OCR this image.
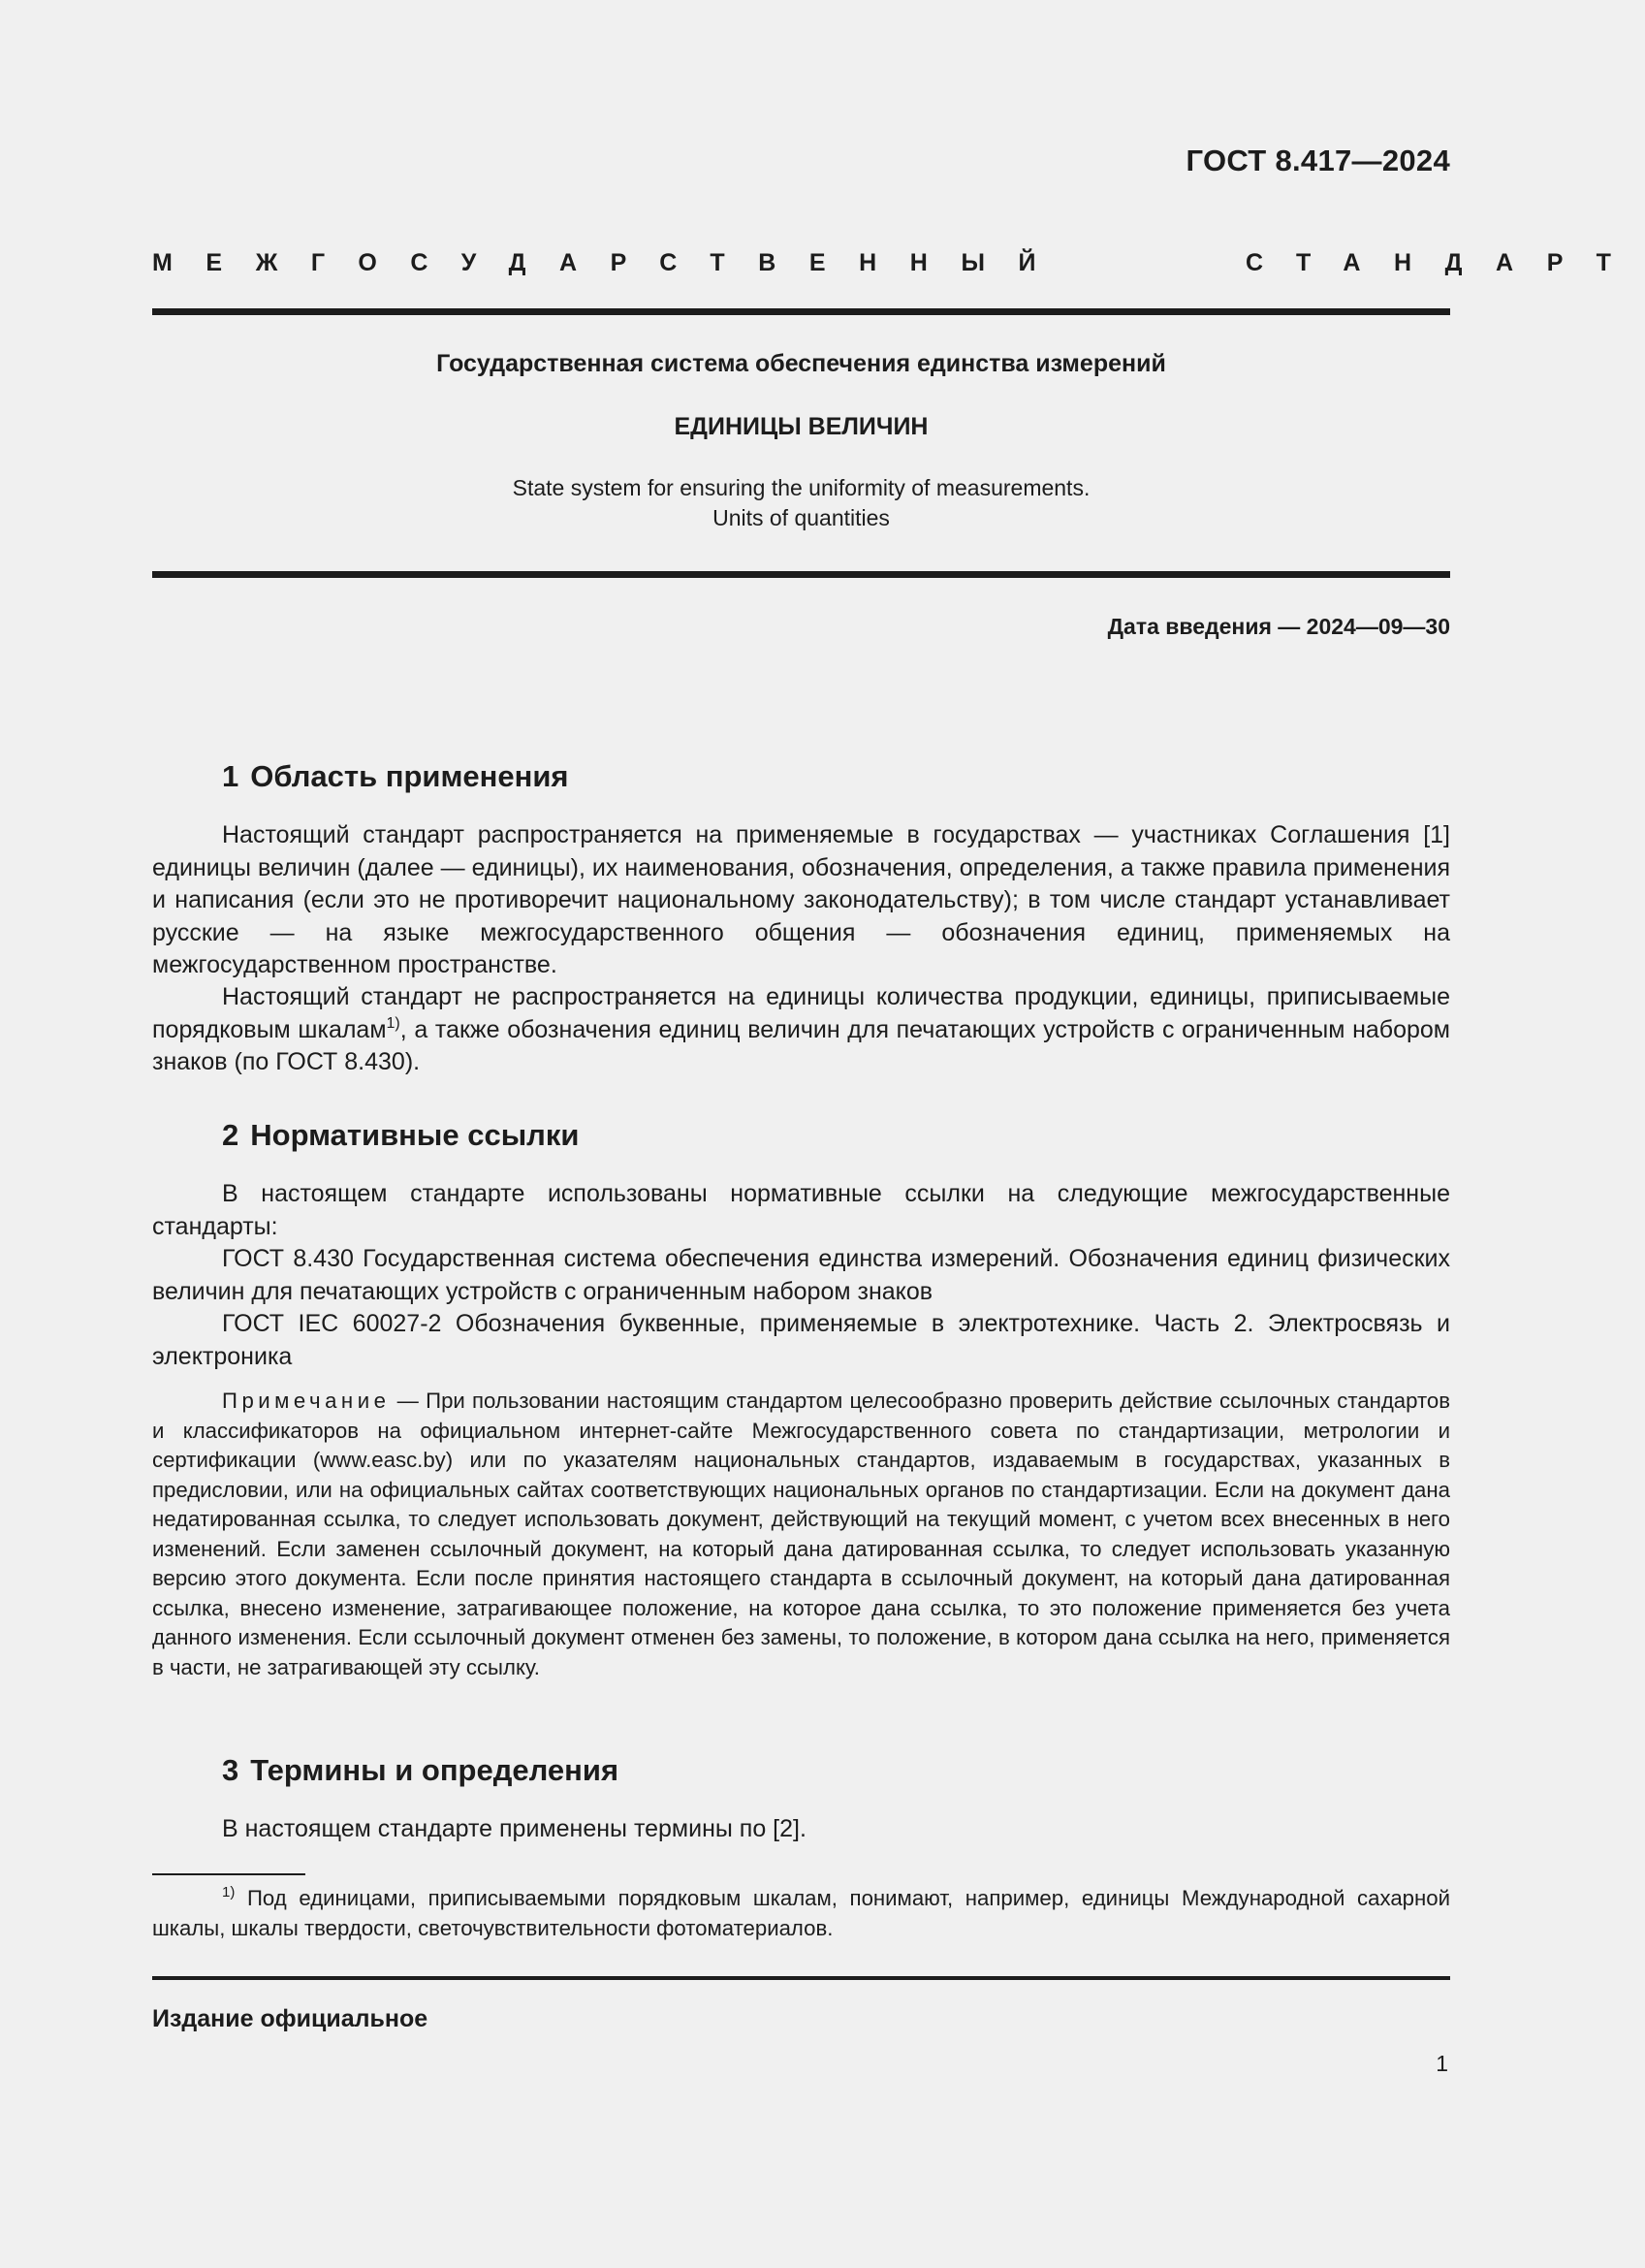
ГОСТ 8.417—2024
МЕЖГОСУДАРСТВЕННЫЙ	СТАНДАРТ
Государственная система обеспечения единства измерений
ЕДИНИЦЫ ВЕЛИЧИН
State system for ensuring the uniformity of measurements.
Units of quantities
Дата введения — 2024—09—30
1 Область применения
Настоящий стандарт распространяется на применяемые в государствах — участниках Соглашения [1] единицы величин (далее — единицы), их наименования, обозначения, определения, а также правила применения и написания (если это не противоречит национальному законодательству); в том числе стандарт устанавливает русские — на языке межгосударственного общения — обозначения единиц, применяемых на межгосударственном пространстве.
Настоящий стандарт не распространяется на единицы количества продукции, единицы, приписываемые порядковым шкалам$^{1)}$, а также обозначения единиц величин для печатающих устройств с ограниченным набором знаков (по ГОСТ 8.430).
2 Нормативные ссылки
В настоящем стандарте использованы нормативные ссылки на следующие межгосударственные стандарты:
ГОСТ 8.430 Государственная система обеспечения единства измерений. Обозначения единиц физических величин для печатающих устройств с ограниченным набором знаков
ГОСТ IEC 60027-2 Обозначения буквенные, применяемые в электротехнике. Часть 2. Электросвязь и электроника
Примечание — При пользовании настоящим стандартом целесообразно проверить действие ссылочных стандартов и классификаторов на официальном интернет-сайте Межгосударственного совета по стандартизации, метрологии и сертификации (www.easc.by) или по указателям национальных стандартов, издаваемым в государствах, указанных в предисловии, или на официальных сайтах соответствующих национальных органов по стандартизации. Если на документ дана недатированная ссылка, то следует использовать документ, действующий на текущий момент, с учетом всех внесенных в него изменений. Если заменен ссылочный документ, на который дана датированная ссылка, то следует использовать указанную версию этого документа. Если после принятия настоящего стандарта в ссылочный документ, на который дана датированная ссылка, внесено изменение, затрагивающее положение, на которое дана ссылка, то это положение применяется без учета данного изменения. Если ссылочный документ отменен без замены, то положение, в котором дана ссылка на него, применяется в части, не затрагивающей эту ссылку.
3 Термины и определения
В настоящем стандарте применены термины по [2].
$^{1)}$ Под единицами, приписываемыми порядковым шкалам, понимают, например, единицы Международной сахарной шкалы, шкалы твердости, светочувствительности фотоматериалов.
Издание официальное
1
